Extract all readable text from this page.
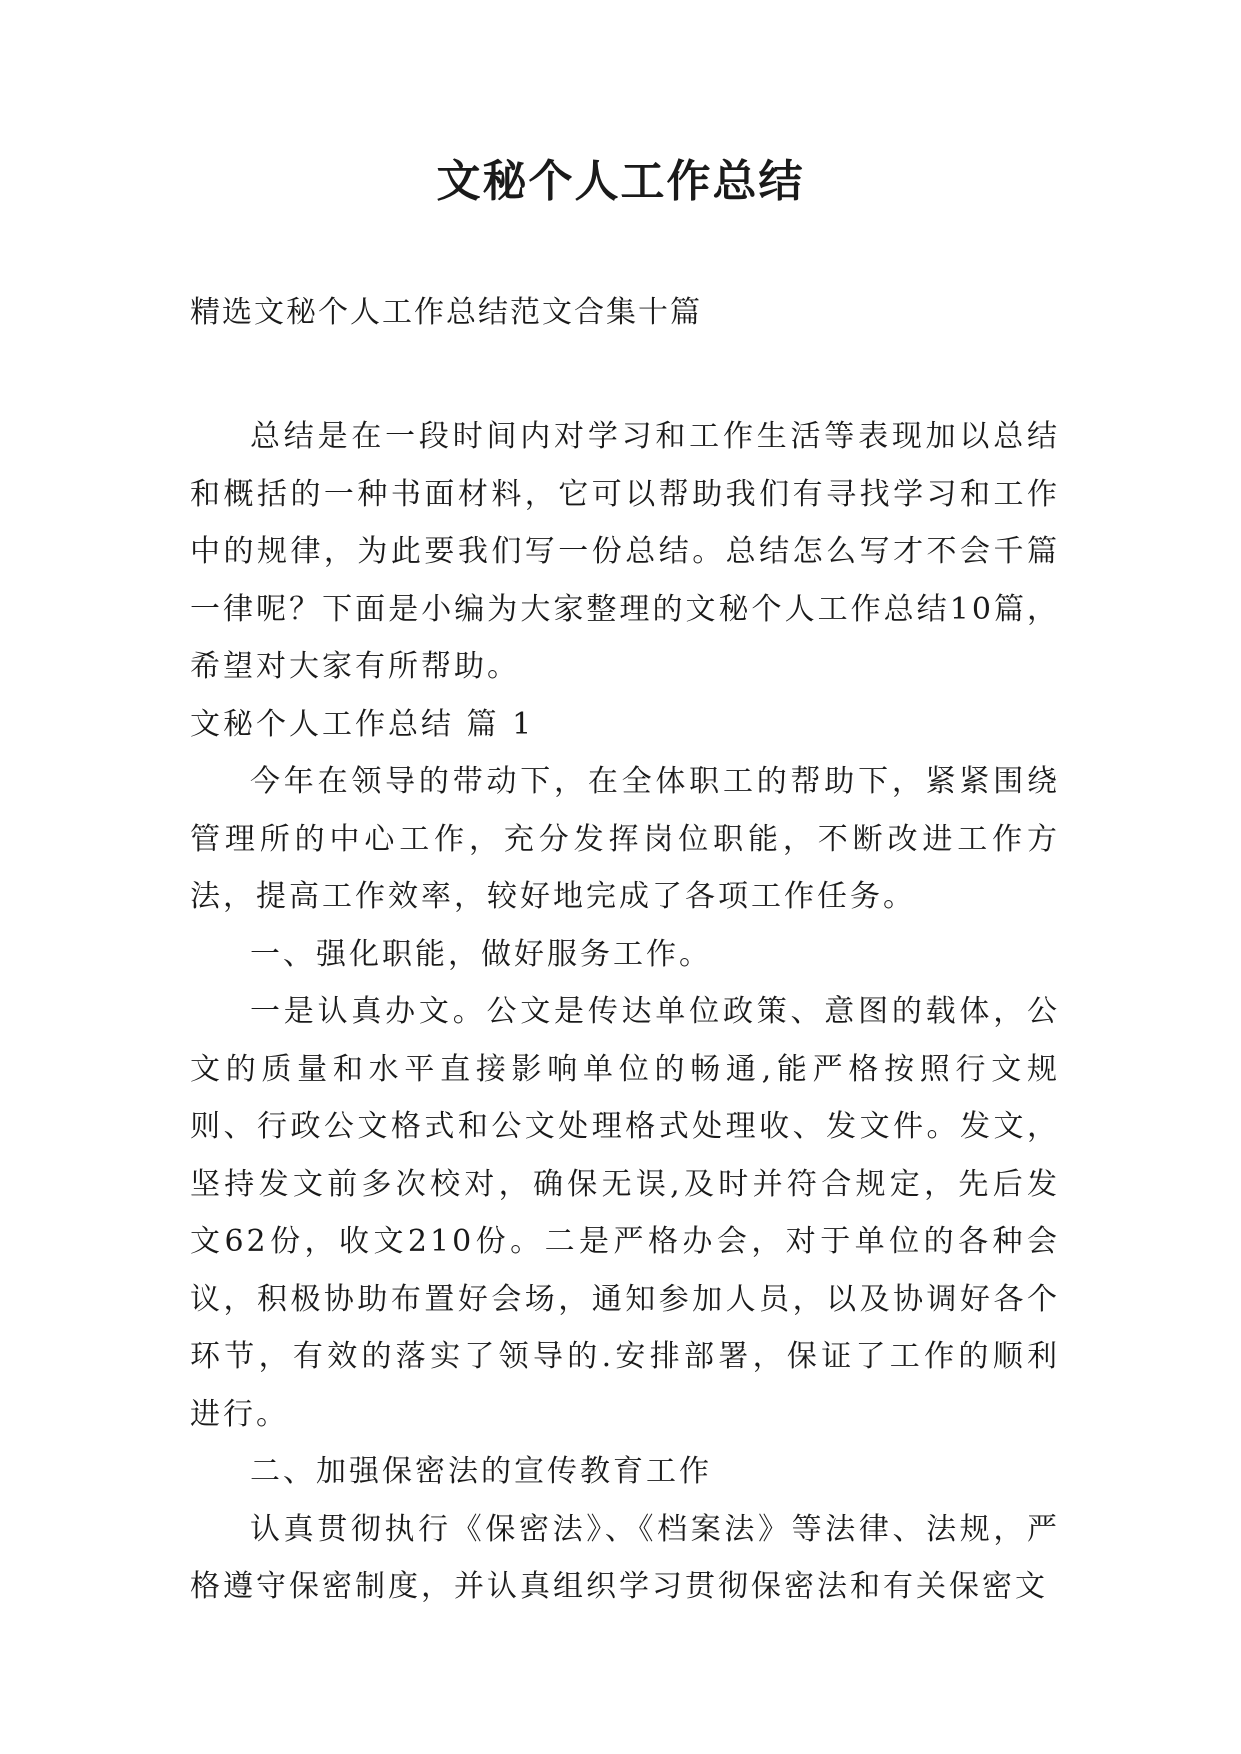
文秘个人工作总结
精选文秘个人工作总结范文合集十篇

总结是在一段时间内对学习和工作生活等表现加以总结和概括的一种书面材料，它可以帮助我们有寻找学习和工作中的规律，为此要我们写一份总结。总结怎么写才不会千篇一律呢？下面是小编为大家整理的文秘个人工作总结10篇，希望对大家有所帮助。

文秘个人工作总结 篇 1

今年在领导的带动下，在全体职工的帮助下，紧紧围绕管理所的中心工作，充分发挥岗位职能，不断改进工作方法，提高工作效率，较好地完成了各项工作任务。

一、强化职能，做好服务工作。

一是认真办文。公文是传达单位政策、意图的载体，公文的质量和水平直接影响单位的畅通,能严格按照行文规则、行政公文格式和公文处理格式处理收、发文件。发文，坚持发文前多次校对，确保无误,及时并符合规定，先后发文62份，收文210份。二是严格办会，对于单位的各种会议，积极协助布置好会场，通知参加人员，以及协调好各个环节，有效的落实了领导的.安排部署，保证了工作的顺利进行。

二、加强保密法的宣传教育工作

认真贯彻执行《保密法》、《档案法》等法律、法规，严格遵守保密制度，并认真组织学习贯彻保密法和有关保密文
